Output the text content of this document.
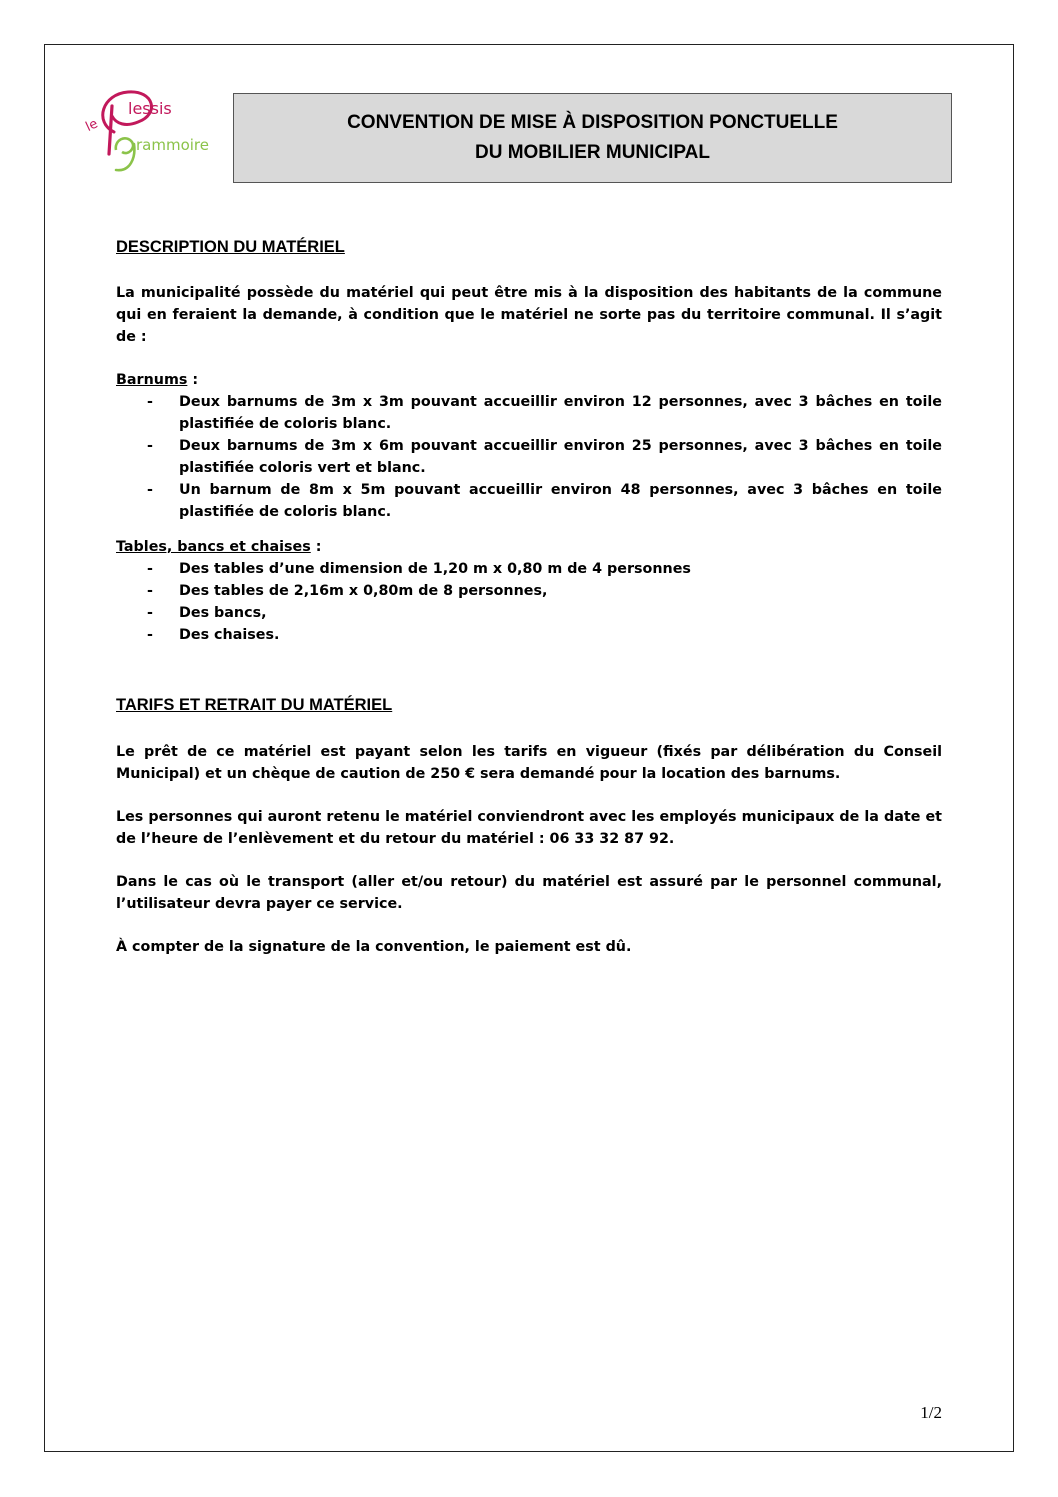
le
lessis
rammoire
CONVENTION DE MISE À DISPOSITION PONCTUELLE
DU MOBILIER MUNICIPAL
DESCRIPTION DU MATÉRIEL

La municipalité possède du matériel qui peut être mis à la disposition des habitants de la commune qui en feraient la demande, à condition que le matériel ne sorte pas du territoire communal. Il s’agit de :

Barnums :
- Deux barnums de 3m x 3m pouvant accueillir environ 12 personnes, avec 3 bâches en toile plastifiée de coloris blanc.
- Deux barnums de 3m x 6m pouvant accueillir environ 25 personnes, avec 3 bâches en toile plastifiée coloris vert et blanc.
- Un barnum de 8m x 5m pouvant accueillir environ 48 personnes, avec 3 bâches en toile plastifiée de coloris blanc.
Tables, bancs et chaises :
- Des tables d’une dimension de 1,20 m x 0,80 m de 4 personnes
- Des tables de 2,16m x 0,80m de 8 personnes,
- Des bancs,
- Des chaises.
TARIFS ET RETRAIT DU MATÉRIEL

Le prêt de ce matériel est payant selon les tarifs en vigueur (fixés par délibération du Conseil Municipal) et un chèque de caution de 250 € sera demandé pour la location des barnums.

Les personnes qui auront retenu le matériel conviendront avec les employés municipaux de la date et de l’heure de l’enlèvement et du retour du matériel : 06 33 32 87 92.

Dans le cas où le transport (aller et/ou retour) du matériel est assuré par le personnel communal, l’utilisateur devra payer ce service.

À compter de la signature de la convention, le paiement est dû.

1/2
